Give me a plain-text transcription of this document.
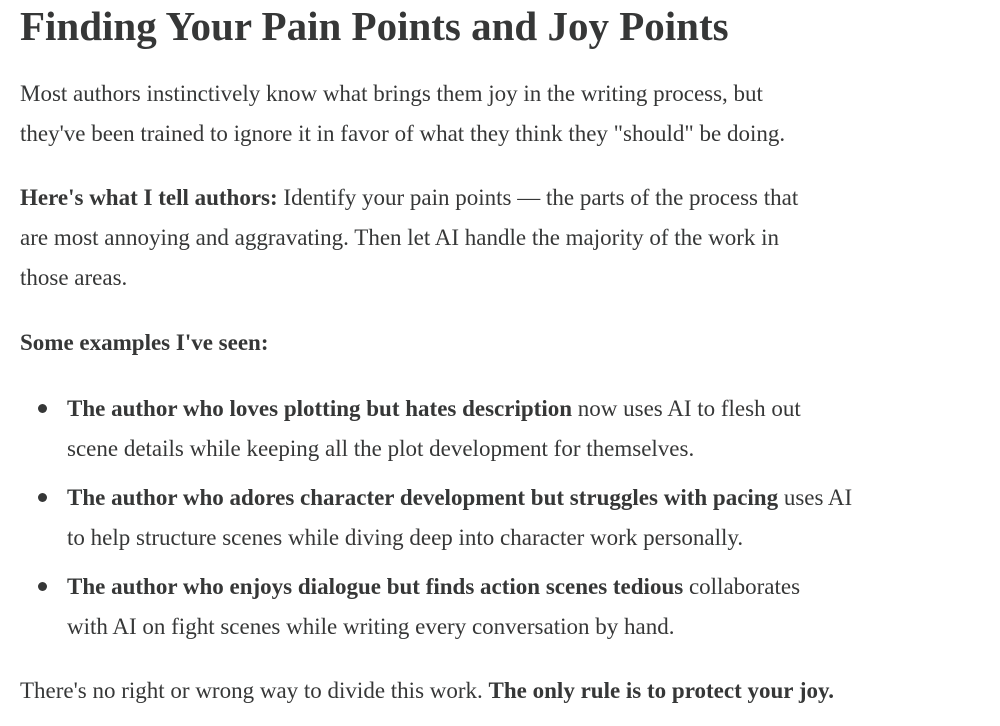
Finding Your Pain Points and Joy Points

Most authors instinctively know what brings them joy in the writing process, but
they've been trained to ignore it in favor of what they think they "should" be doing.

Here's what I tell authors: Identify your pain points — the parts of the process that
are most annoying and aggravating. Then let AI handle the majority of the work in
those areas.

Some examples I've seen:

The author who loves plotting but hates description now uses AI to flesh out
scene details while keeping all the plot development for themselves.
The author who adores character development but struggles with pacing uses AI
to help structure scenes while diving deep into character work personally.
The author who enjoys dialogue but finds action scenes tedious collaborates
with AI on fight scenes while writing every conversation by hand.

There's no right or wrong way to divide this work. The only rule is to protect your joy.
